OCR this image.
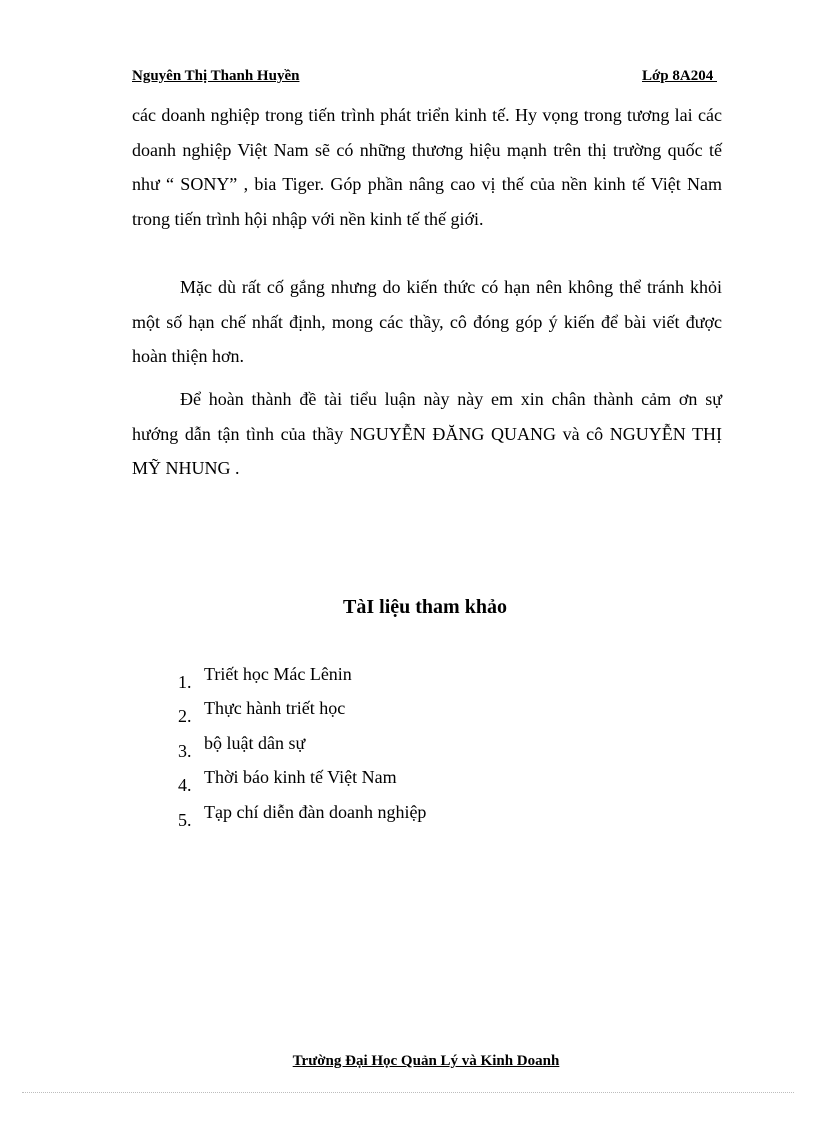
Nguyên Thị Thanh Huyền	Lớp 8A204
các doanh nghiệp trong tiến trình phát triển kinh tế. Hy vọng trong tương lai các doanh nghiệp Việt Nam sẽ có những thương hiệu mạnh trên thị trường quốc tế như “ SONY” , bia Tiger. Góp phần nâng cao vị thế của nền kinh tế Việt Nam trong tiến trình hội nhập với nền kinh tế thế giới.
Mặc dù rất cố gắng nhưng do kiến thức có hạn nên không thể tránh khỏi một số hạn chế nhất định, mong các thầy, cô đóng góp ý kiến để bài viết được hoàn thiện hơn.
Để hoàn thành đề tài tiểu luận này này em xin chân thành cảm ơn sự hướng dẫn tận tình của thầy NGUYỄN ĐĂNG QUANG và cô NGUYỄN THỊ MỸ NHUNG .
TàI liệu tham khảo
1. Triết học Mác Lênin
2. Thực hành triết học
3. bộ luật dân sự
4. Thời báo kinh tế Việt Nam
5. Tạp chí diễn đàn doanh nghiệp
Trường Đại Học Quản Lý và Kinh Doanh
